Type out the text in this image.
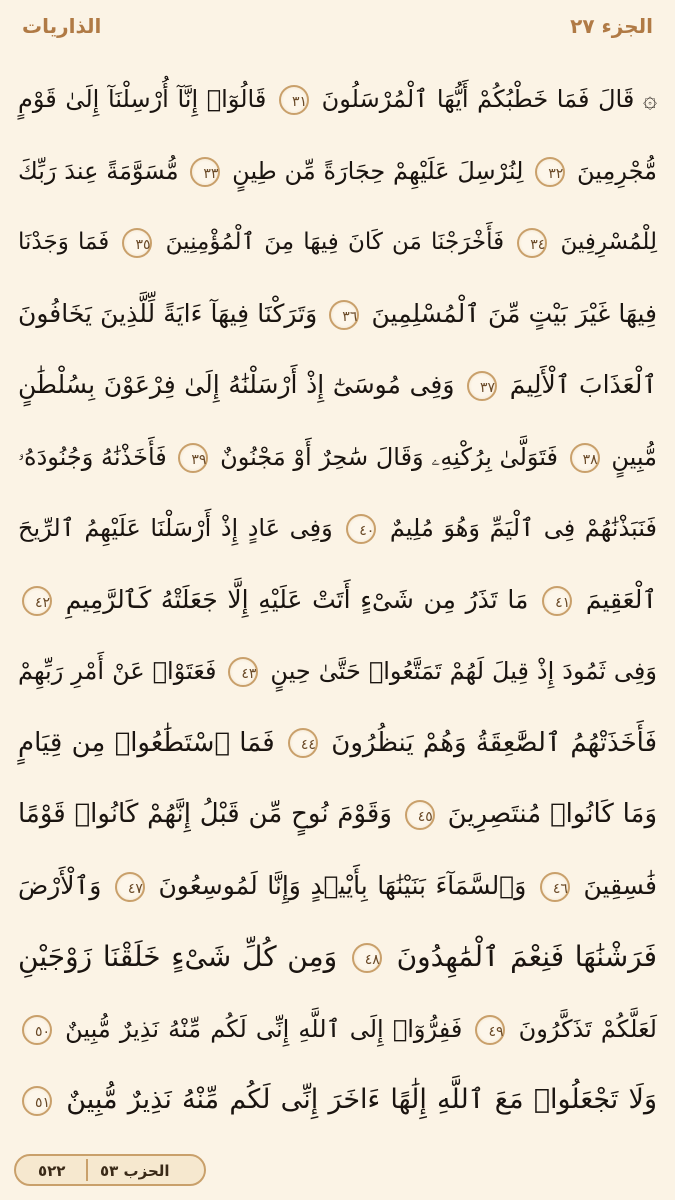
الذاريات	الجزء ٢٧
۞ قَالَ فَمَا خَطْبُكُمْ أَيُّهَا ٱلْمُرْسَلُونَ ٣١ قَالُوٓا۟ إِنَّآ أُرْسِلْنَآ إِلَىٰ قَوْمٍ
مُّجْرِمِينَ ٣٢ لِنُرْسِلَ عَلَيْهِمْ حِجَارَةً مِّن طِينٍ ٣٣ مُّسَوَّمَةً عِندَ رَبِّكَ
لِلْمُسْرِفِينَ ٣٤ فَأَخْرَجْنَا مَن كَانَ فِيهَا مِنَ ٱلْمُؤْمِنِينَ ٣٥ فَمَا وَجَدْنَا
فِيهَا غَيْرَ بَيْتٍ مِّنَ ٱلْمُسْلِمِينَ ٣٦ وَتَرَكْنَا فِيهَآ ءَايَةً لِّلَّذِينَ يَخَافُونَ
ٱلْعَذَابَ ٱلْأَلِيمَ ٣٧ وَفِى مُوسَىٰٓ إِذْ أَرْسَلْنَٰهُ إِلَىٰ فِرْعَوْنَ بِسُلْطَٰنٍ
مُّبِينٍ ٣٨ فَتَوَلَّىٰ بِرُكْنِهِۦ وَقَالَ سَٰحِرٌ أَوْ مَجْنُونٌ ٣٩ فَأَخَذْنَٰهُ وَجُنُودَهُۥ
فَنَبَذْنَٰهُمْ فِى ٱلْيَمِّ وَهُوَ مُلِيمٌ ٤٠ وَفِى عَادٍ إِذْ أَرْسَلْنَا عَلَيْهِمُ ٱلرِّيحَ
ٱلْعَقِيمَ ٤١ مَا تَذَرُ مِن شَىْءٍ أَتَتْ عَلَيْهِ إِلَّا جَعَلَتْهُ كَٱلرَّمِيمِ ٤٢
وَفِى ثَمُودَ إِذْ قِيلَ لَهُمْ تَمَتَّعُوا۟ حَتَّىٰ حِينٍ ٤٣ فَعَتَوْا۟ عَنْ أَمْرِ رَبِّهِمْ
فَأَخَذَتْهُمُ ٱلصَّٰعِقَةُ وَهُمْ يَنظُرُونَ ٤٤ فَمَا ٱسْتَطَٰعُوا۟ مِن قِيَامٍ
وَمَا كَانُوا۟ مُنتَصِرِينَ ٤٥ وَقَوْمَ نُوحٍ مِّن قَبْلُ إِنَّهُمْ كَانُوا۟ قَوْمًا
فَٰسِقِينَ ٤٦ وَٱلسَّمَآءَ بَنَيْنَٰهَا بِأَيْي۟دٍ وَإِنَّا لَمُوسِعُونَ ٤٧ وَٱلْأَرْضَ
فَرَشْنَٰهَا فَنِعْمَ ٱلْمَٰهِدُونَ ٤٨ وَمِن كُلِّ شَىْءٍ خَلَقْنَا زَوْجَيْنِ
لَعَلَّكُمْ تَذَكَّرُونَ ٤٩ فَفِرُّوٓا۟ إِلَى ٱللَّهِ إِنِّى لَكُم مِّنْهُ نَذِيرٌ مُّبِينٌ ٥٠
وَلَا تَجْعَلُوا۟ مَعَ ٱللَّهِ إِلَٰهًا ءَاخَرَ إِنِّى لَكُم مِّنْهُ نَذِيرٌ مُّبِينٌ ٥١
٥٢٢ الحزب ٥٣
